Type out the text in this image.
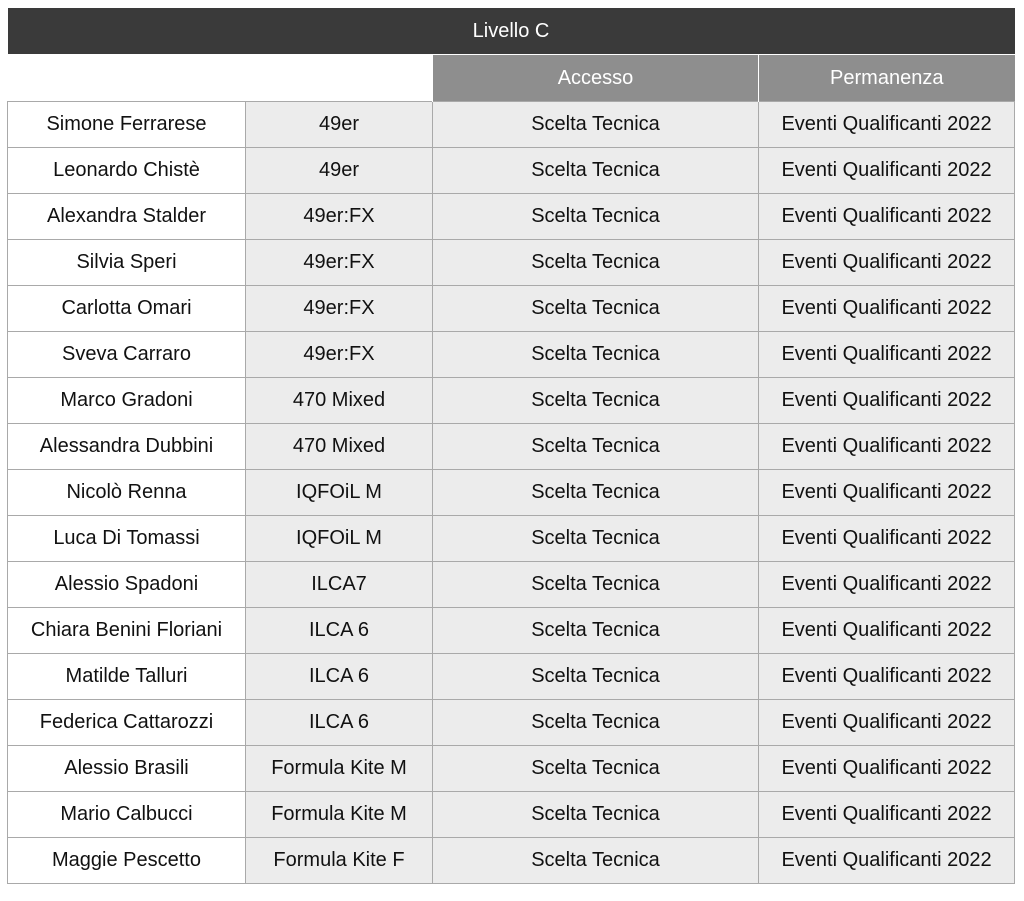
Livello C			
		Accesso	Permanenza
Simone Ferrarese	49er	Scelta Tecnica	Eventi Qualificanti 2022
Leonardo Chistè	49er	Scelta Tecnica	Eventi Qualificanti 2022
Alexandra Stalder	49er:FX	Scelta Tecnica	Eventi Qualificanti 2022
Silvia Speri	49er:FX	Scelta Tecnica	Eventi Qualificanti 2022
Carlotta Omari	49er:FX	Scelta Tecnica	Eventi Qualificanti 2022
Sveva Carraro	49er:FX	Scelta Tecnica	Eventi Qualificanti 2022
Marco Gradoni	470 Mixed	Scelta Tecnica	Eventi Qualificanti 2022
Alessandra Dubbini	470 Mixed	Scelta Tecnica	Eventi Qualificanti 2022
Nicolò Renna	IQFOiL M	Scelta Tecnica	Eventi Qualificanti 2022
Luca Di Tomassi	IQFOiL M	Scelta Tecnica	Eventi Qualificanti 2022
Alessio Spadoni	ILCA7	Scelta Tecnica	Eventi Qualificanti 2022
Chiara Benini Floriani	ILCA 6	Scelta Tecnica	Eventi Qualificanti 2022
Matilde Talluri	ILCA 6	Scelta Tecnica	Eventi Qualificanti 2022
Federica Cattarozzi	ILCA 6	Scelta Tecnica	Eventi Qualificanti 2022
Alessio Brasili	Formula Kite M	Scelta Tecnica	Eventi Qualificanti 2022
Mario Calbucci	Formula Kite M	Scelta Tecnica	Eventi Qualificanti 2022
Maggie Pescetto	Formula Kite F	Scelta Tecnica	Eventi Qualificanti 2022
